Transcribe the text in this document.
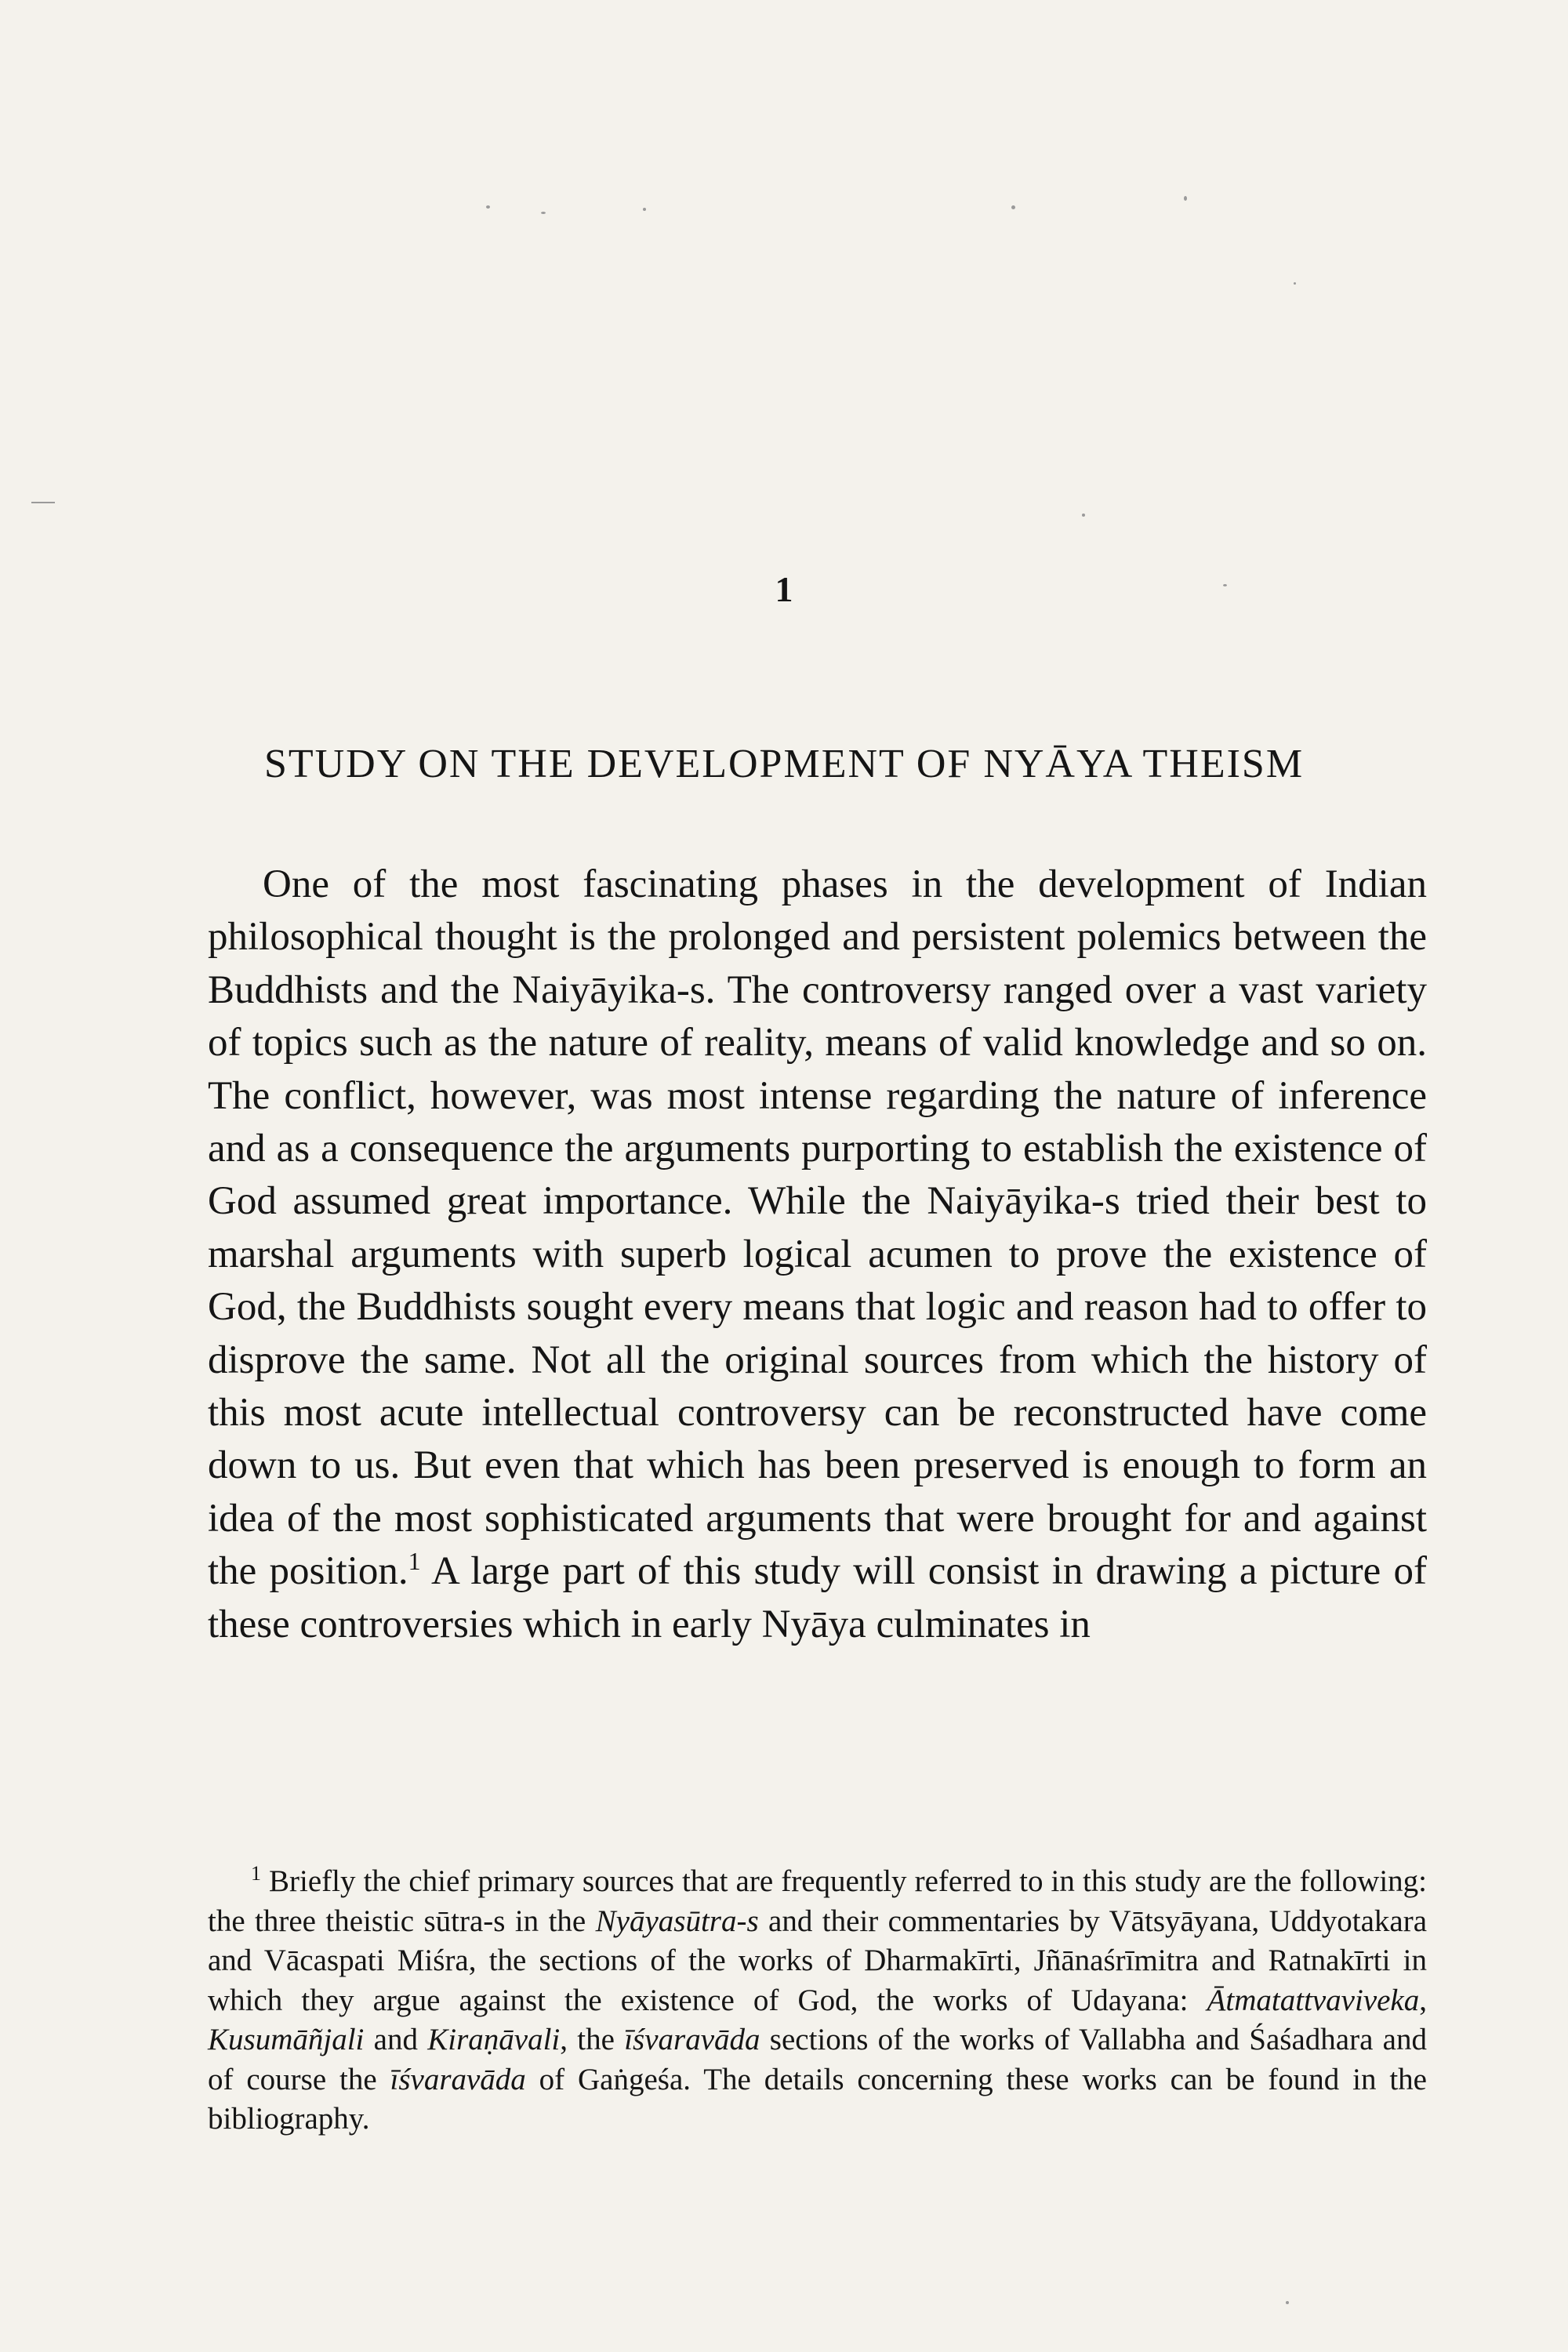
1
STUDY ON THE DEVELOPMENT OF NYĀYA THEISM

One of the most fascinating phases in the development of Indian philosophical thought is the prolonged and persistent polemics between the Buddhists and the Naiyāyika-s. The controversy ranged over a vast variety of topics such as the nature of reality, means of valid knowledge and so on. The conflict, however, was most intense regarding the nature of inference and as a consequence the arguments purporting to establish the existence of God assumed great importance. While the Naiyāyika-s tried their best to marshal arguments with superb logical acumen to prove the existence of God, the Buddhists sought every means that logic and reason had to offer to disprove the same. Not all the original sources from which the history of this most acute intellectual controversy can be reconstructed have come down to us. But even that which has been preserved is enough to form an idea of the most sophisticated arguments that were brought for and against the position.$^1$ A large part of this study will consist in drawing a picture of these controversies which in early Nyāya culminates in

$^1$ Briefly the chief primary sources that are frequently referred to in this study are the following: the three theistic sūtra-s in the Nyāyasūtra-s and their commentaries by Vātsyāyana, Uddyotakara and Vācaspati Miśra, the sections of the works of Dharmakīrti, Jñānaśrīmitra and Ratnakīrti in which they argue against the existence of God, the works of Udayana: Ātmatattvaviveka, Kusumāñjali and Kiraṇāvali, the īśvaravāda sections of the works of Vallabha and Śaśadhara and of course the īśvaravāda of Gaṅgeśa. The details concerning these works can be found in the bibliography.
